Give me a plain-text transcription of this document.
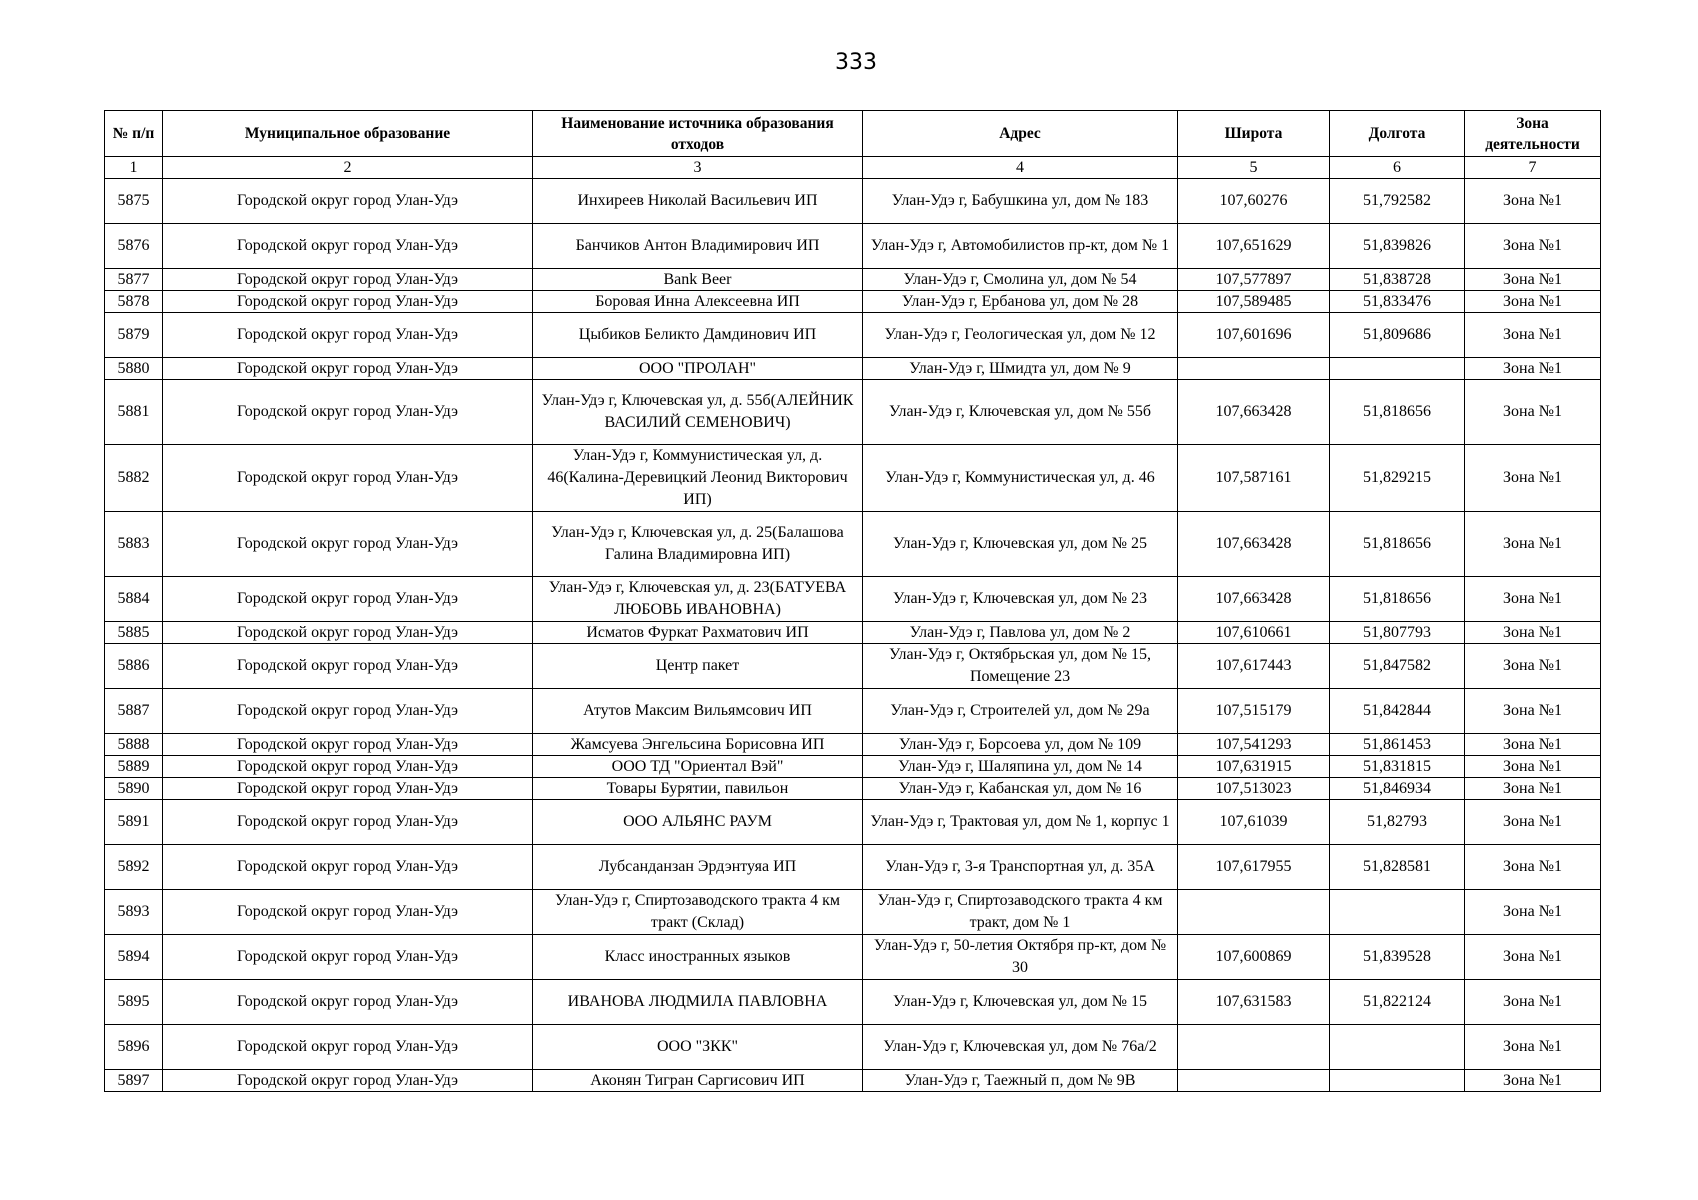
333
№ п/п	Муниципальное образование	Наименование источника образования отходов	Адрес	Широта	Долгота	Зона деятельности
1	2	3	4	5	6	7
5875	Городской округ город Улан-Удэ	Инхиреев Николай Васильевич ИП	Улан-Удэ г, Бабушкина ул, дом № 183	107,60276	51,792582	Зона №1
5876	Городской округ город Улан-Удэ	Банчиков Антон Владимирович ИП	Улан-Удэ г, Автомобилистов пр-кт, дом № 1	107,651629	51,839826	Зона №1
5877	Городской округ город Улан-Удэ	Bank Beer	Улан-Удэ г, Смолина ул, дом № 54	107,577897	51,838728	Зона №1
5878	Городской округ город Улан-Удэ	Боровая Инна Алексеевна ИП	Улан-Удэ г, Ербанова ул, дом № 28	107,589485	51,833476	Зона №1
5879	Городской округ город Улан-Удэ	Цыбиков Беликто Дамдинович ИП	Улан-Удэ г, Геологическая ул, дом № 12	107,601696	51,809686	Зона №1
5880	Городской округ город Улан-Удэ	ООО "ПРОЛАН"	Улан-Удэ г, Шмидта ул, дом № 9			Зона №1
5881	Городской округ город Улан-Удэ	Улан-Удэ г, Ключевская ул, д. 55б(АЛЕЙНИК ВАСИЛИЙ СЕМЕНОВИЧ)	Улан-Удэ г, Ключевская ул, дом № 55б	107,663428	51,818656	Зона №1
5882	Городской округ город Улан-Удэ	Улан-Удэ г, Коммунистическая ул, д. 46(Калина-Деревицкий Леонид Викторович ИП)	Улан-Удэ г, Коммунистическая ул, д. 46	107,587161	51,829215	Зона №1
5883	Городской округ город Улан-Удэ	Улан-Удэ г, Ключевская ул, д. 25(Балашова Галина Владимировна ИП)	Улан-Удэ г, Ключевская ул, дом № 25	107,663428	51,818656	Зона №1
5884	Городской округ город Улан-Удэ	Улан-Удэ г, Ключевская ул, д. 23(БАТУЕВА ЛЮБОВЬ ИВАНОВНА)	Улан-Удэ г, Ключевская ул, дом № 23	107,663428	51,818656	Зона №1
5885	Городской округ город Улан-Удэ	Исматов Фуркат Рахматович ИП	Улан-Удэ г, Павлова ул, дом № 2	107,610661	51,807793	Зона №1
5886	Городской округ город Улан-Удэ	Центр пакет	Улан-Удэ г, Октябрьская ул, дом № 15, Помещение 23	107,617443	51,847582	Зона №1
5887	Городской округ город Улан-Удэ	Атутов Максим Вильямсович ИП	Улан-Удэ г, Строителей ул, дом № 29а	107,515179	51,842844	Зона №1
5888	Городской округ город Улан-Удэ	Жамсуева Энгельсина Борисовна ИП	Улан-Удэ г, Борсоева ул, дом № 109	107,541293	51,861453	Зона №1
5889	Городской округ город Улан-Удэ	ООО ТД "Ориентал Вэй"	Улан-Удэ г, Шаляпина ул, дом № 14	107,631915	51,831815	Зона №1
5890	Городской округ город Улан-Удэ	Товары Бурятии, павильон	Улан-Удэ г, Кабанская ул, дом № 16	107,513023	51,846934	Зона №1
5891	Городской округ город Улан-Удэ	ООО АЛЬЯНС РАУМ	Улан-Удэ г, Трактовая ул, дом № 1, корпус 1	107,61039	51,82793	Зона №1
5892	Городской округ город Улан-Удэ	Лубсанданзан Эрдэнтуяа ИП	Улан-Удэ г, 3-я Транспортная ул, д. 35А	107,617955	51,828581	Зона №1
5893	Городской округ город Улан-Удэ	Улан-Удэ г, Спиртозаводского тракта 4 км тракт (Склад)	Улан-Удэ г, Спиртозаводского тракта 4 км тракт, дом № 1			Зона №1
5894	Городской округ город Улан-Удэ	Класс иностранных языков	Улан-Удэ г, 50-летия Октября пр-кт, дом № 30	107,600869	51,839528	Зона №1
5895	Городской округ город Улан-Удэ	ИВАНОВА ЛЮДМИЛА ПАВЛОВНА	Улан-Удэ г, Ключевская ул, дом № 15	107,631583	51,822124	Зона №1
5896	Городской округ город Улан-Удэ	ООО "ЗКК"	Улан-Удэ г, Ключевская ул, дом № 76а/2			Зона №1
5897	Городской округ город Улан-Удэ	Аконян Тигран Саргисович ИП	Улан-Удэ г, Таежный п, дом № 9В			Зона №1
